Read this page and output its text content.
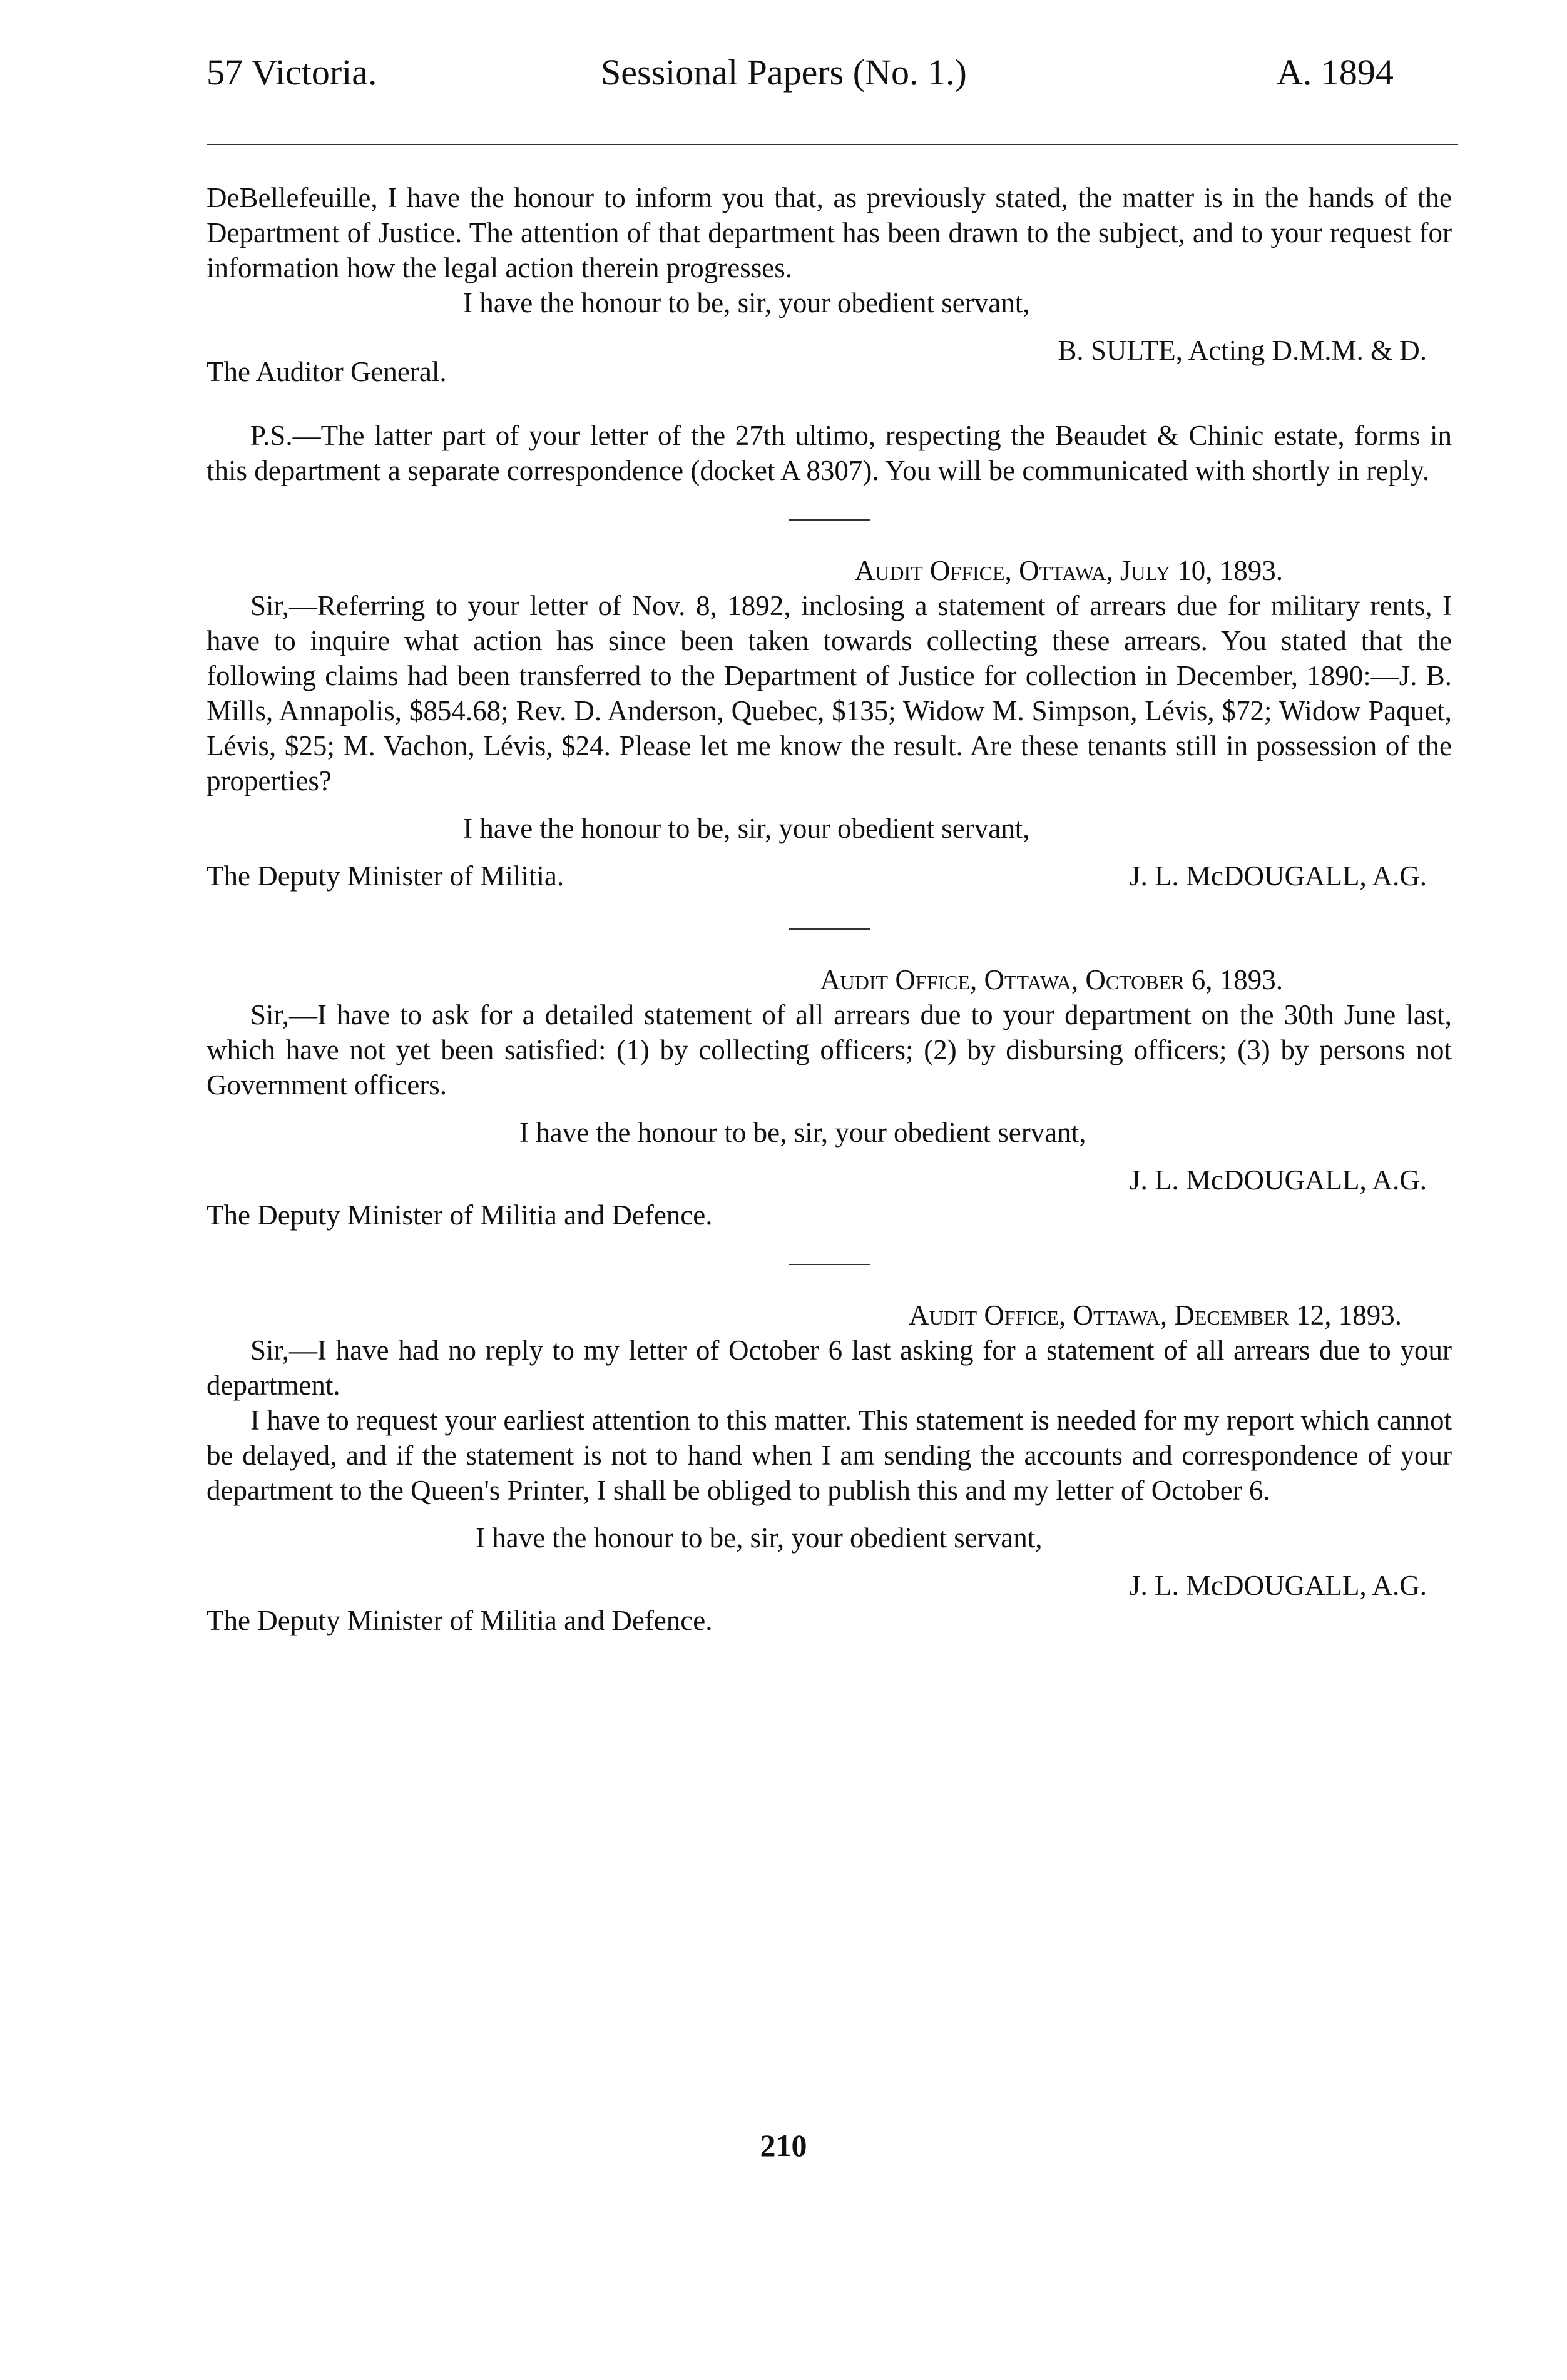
57 Victoria.	Sessional Papers (No. 1.)	A. 1894

DeBellefeuille, I have the honour to inform you that, as previously stated, the matter is in the hands of the Department of Justice. The attention of that department has been drawn to the subject, and to your request for information how the legal action therein progresses.

I have the honour to be, sir, your obedient servant,

B. SULTE, Acting D.M.M. & D.

The Auditor General.

P.S.—The latter part of your letter of the 27th ultimo, respecting the Beaudet & Chinic estate, forms in this department a separate correspondence (docket A 8307). You will be communicated with shortly in reply.

Audit Office, Ottawa, July 10, 1893.

Sir,—Referring to your letter of Nov. 8, 1892, inclosing a statement of arrears due for military rents, I have to inquire what action has since been taken towards collecting these arrears. You stated that the following claims had been transferred to the Department of Justice for collection in December, 1890:—J. B. Mills, Annapolis, $854.68; Rev. D. Anderson, Quebec, $135; Widow M. Simpson, Lévis, $72; Widow Paquet, Lévis, $25; M. Vachon, Lévis, $24. Please let me know the result. Are these tenants still in possession of the properties?

I have the honour to be, sir, your obedient servant,

The Deputy Minister of Militia.	J. L. McDOUGALL, A.G.

Audit Office, Ottawa, October 6, 1893.

Sir,—I have to ask for a detailed statement of all arrears due to your department on the 30th June last, which have not yet been satisfied: (1) by collecting officers; (2) by disbursing officers; (3) by persons not Government officers.

I have the honour to be, sir, your obedient servant,

J. L. McDOUGALL, A.G.

The Deputy Minister of Militia and Defence.

Audit Office, Ottawa, December 12, 1893.

Sir,—I have had no reply to my letter of October 6 last asking for a statement of all arrears due to your department.

I have to request your earliest attention to this matter. This statement is needed for my report which cannot be delayed, and if the statement is not to hand when I am sending the accounts and correspondence of your department to the Queen's Printer, I shall be obliged to publish this and my letter of October 6.

I have the honour to be, sir, your obedient servant,

J. L. McDOUGALL, A.G.

The Deputy Minister of Militia and Defence.

210
